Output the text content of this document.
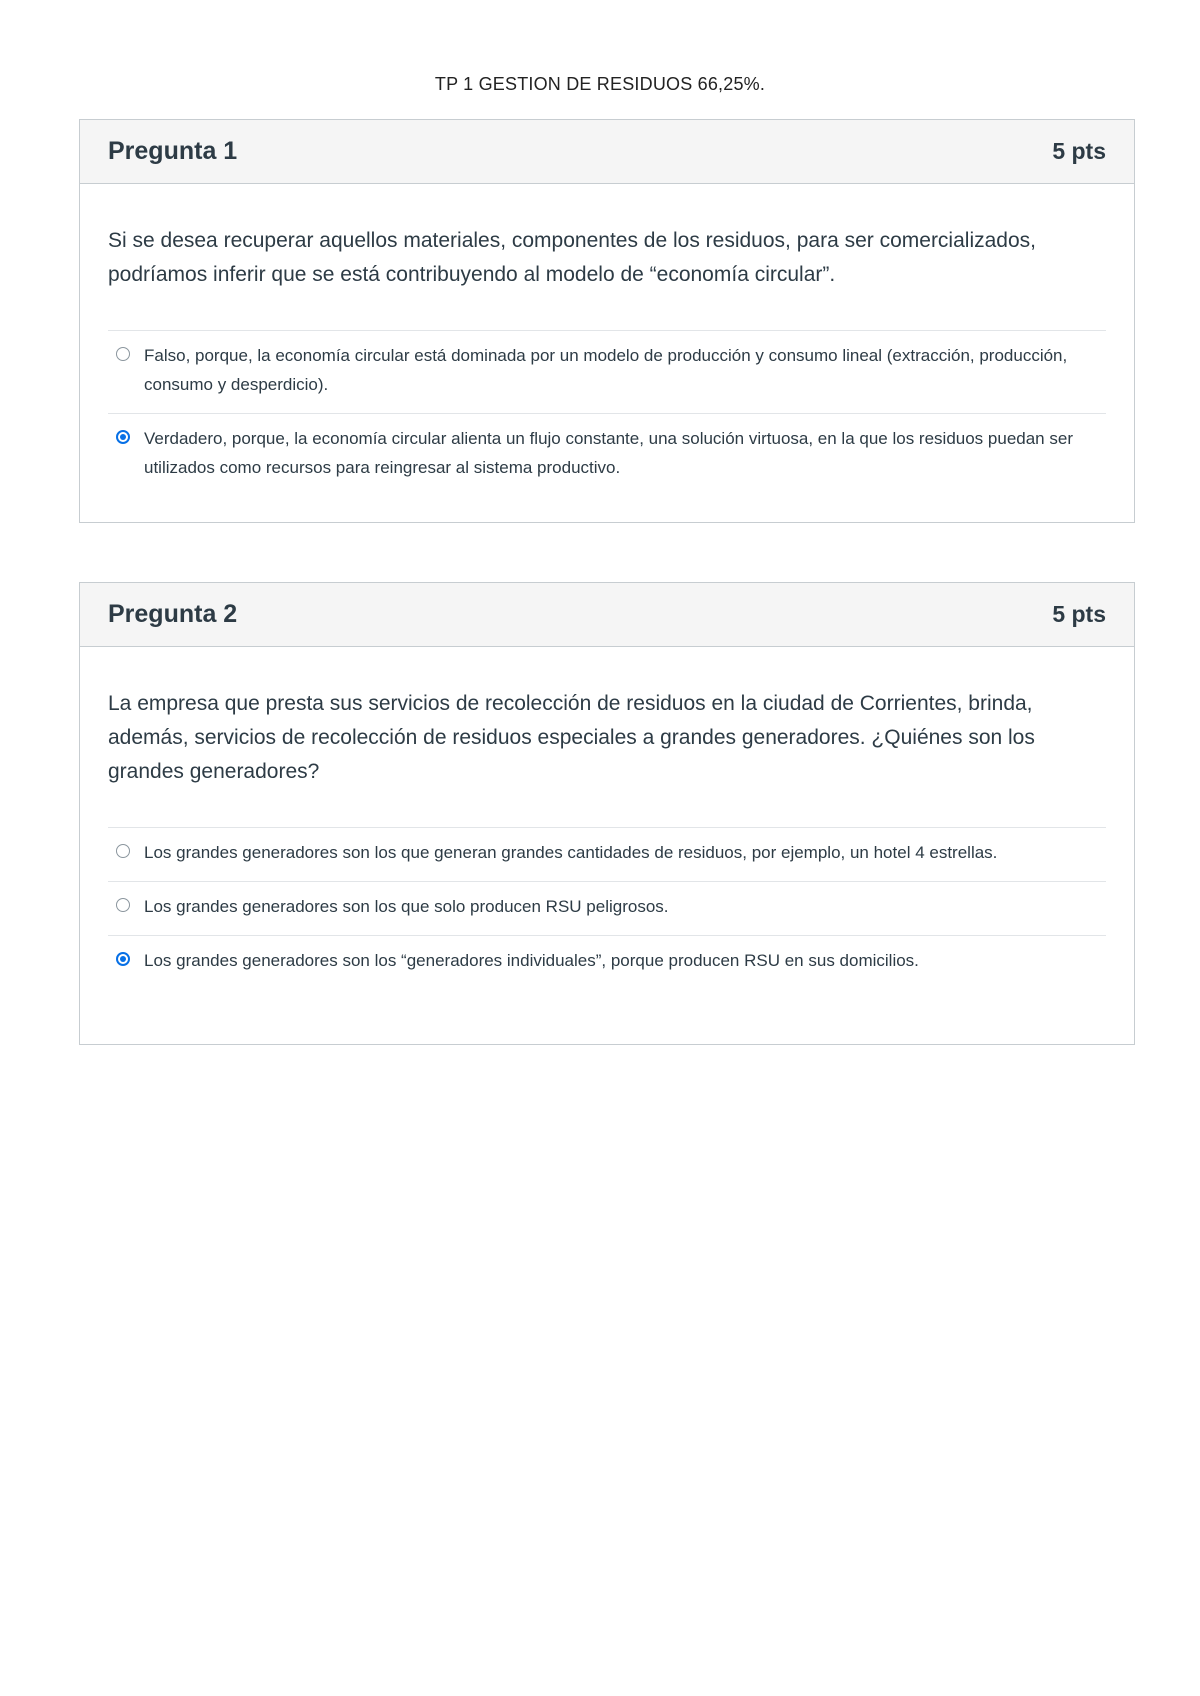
TP 1 GESTION DE RESIDUOS 66,25%.
Pregunta 1	5 pts
Si se desea recuperar aquellos materiales, componentes de los residuos, para ser comercializados, podríamos inferir que se está contribuyendo al modelo de “economía circular”.
Falso, porque, la economía circular está dominada por un modelo de producción y consumo lineal (extracción, producción, consumo y desperdicio).
Verdadero, porque, la economía circular alienta un flujo constante, una solución virtuosa, en la que los residuos puedan ser utilizados como recursos para reingresar al sistema productivo.
Pregunta 2	5 pts
La empresa que presta sus servicios de recolección de residuos en la ciudad de Corrientes, brinda, además, servicios de recolección de residuos especiales a grandes generadores. ¿Quiénes son los grandes generadores?
Los grandes generadores son los que generan grandes cantidades de residuos, por ejemplo, un hotel 4 estrellas.
Los grandes generadores son los que solo producen RSU peligrosos.
Los grandes generadores son los “generadores individuales”, porque producen RSU en sus domicilios.
